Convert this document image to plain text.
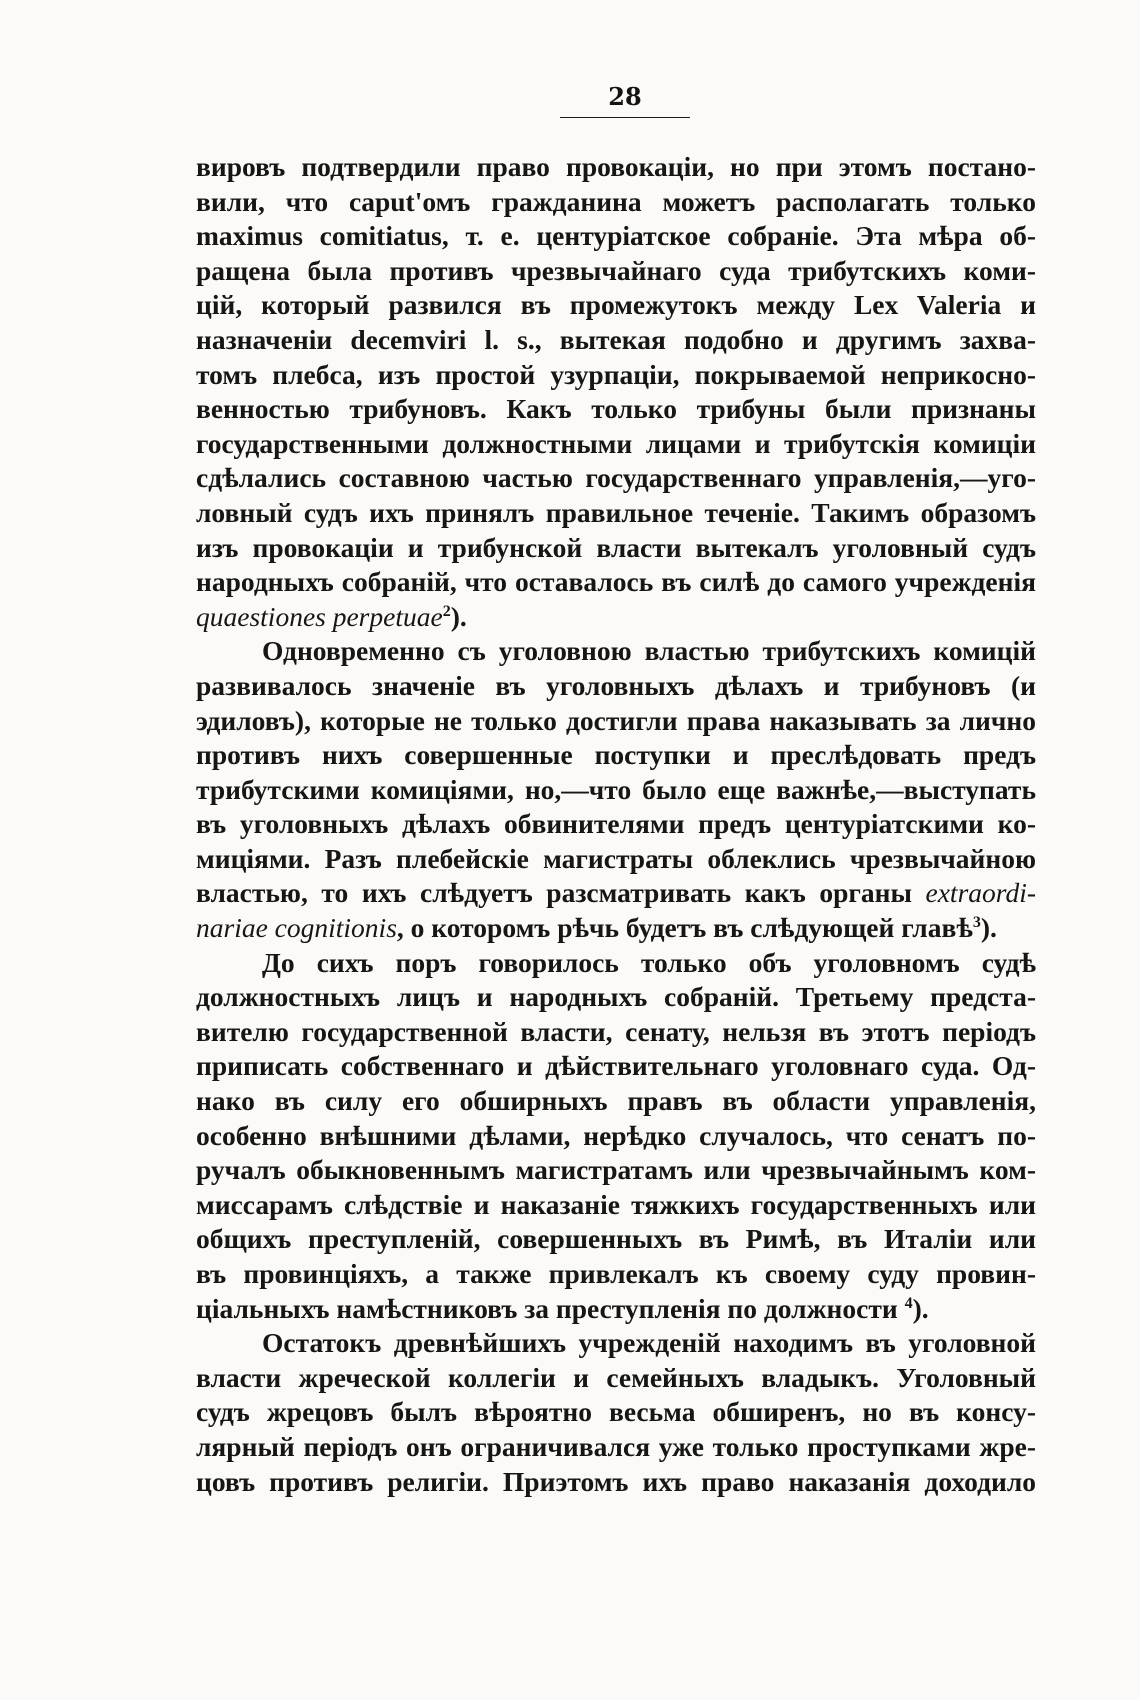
28
вировъ подтвердили право провокаціи, но при этомъ постано-
вили, что caput'омъ гражданина можетъ располагать только
maximus comitiatus, т. е. центуріатское собраніе. Эта мѣра об-
ращена была противъ чрезвычайнаго суда трибутскихъ коми-
цій, который развился въ промежутокъ между Lex Valeria и
назначеніи decemviri l. s., вытекая подобно и другимъ захва-
томъ плебса, изъ простой узурпаціи, покрываемой неприкосно-
венностью трибуновъ. Какъ только трибуны были признаны
государственными должностными лицами и трибутскія комиціи
сдѣлались составною частью государственнаго управленія,—уго-
ловный судъ ихъ принялъ правильное теченіе. Такимъ образомъ
изъ провокаціи и трибунской власти вытекалъ уголовный судъ
народныхъ собраній, что оставалось въ силѣ до самого учрежденія
quaestiones perpetuae$^2$).
Одновременно съ уголовною властью трибутскихъ комицій
развивалось значеніе въ уголовныхъ дѣлахъ и трибуновъ (и
эдиловъ), которые не только достигли права наказывать за лично
противъ нихъ совершенные поступки и преслѣдовать предъ
трибутскими комиціями, но,—что было еще важнѣе,—выступать
въ уголовныхъ дѣлахъ обвинителями предъ центуріатскими ко-
миціями. Разъ плебейскіе магистраты облеклись чрезвычайною
властью, то ихъ слѣдуетъ разсматривать какъ органы extraordi-
nariae cognitionis, о которомъ рѣчь будетъ въ слѣдующей главѣ$^3$).
До сихъ поръ говорилось только объ уголовномъ судѣ
должностныхъ лицъ и народныхъ собраній. Третьему предста-
вителю государственной власти, сенату, нельзя въ этотъ періодъ
приписать собственнаго и дѣйствительнаго уголовнаго суда. Од-
нако въ силу его обширныхъ правъ въ области управленія,
особенно внѣшними дѣлами, нерѣдко случалось, что сенатъ по-
ручалъ обыкновеннымъ магистратамъ или чрезвычайнымъ ком-
миссарамъ слѣдствіе и наказаніе тяжкихъ государственныхъ или
общихъ преступленій, совершенныхъ въ Римѣ, въ Италіи или
въ провинціяхъ, а также привлекалъ къ своему суду провин-
ціальныхъ намѣстниковъ за преступленія по должности $^4$).
Остатокъ древнѣйшихъ учрежденій находимъ въ уголовной
власти жреческой коллегіи и семейныхъ владыкъ. Уголовный
судъ жрецовъ былъ вѣроятно весьма обширенъ, но въ консу-
лярный періодъ онъ ограничивался уже только проступками жре-
цовъ противъ религіи. Приэтомъ ихъ право наказанія доходило
